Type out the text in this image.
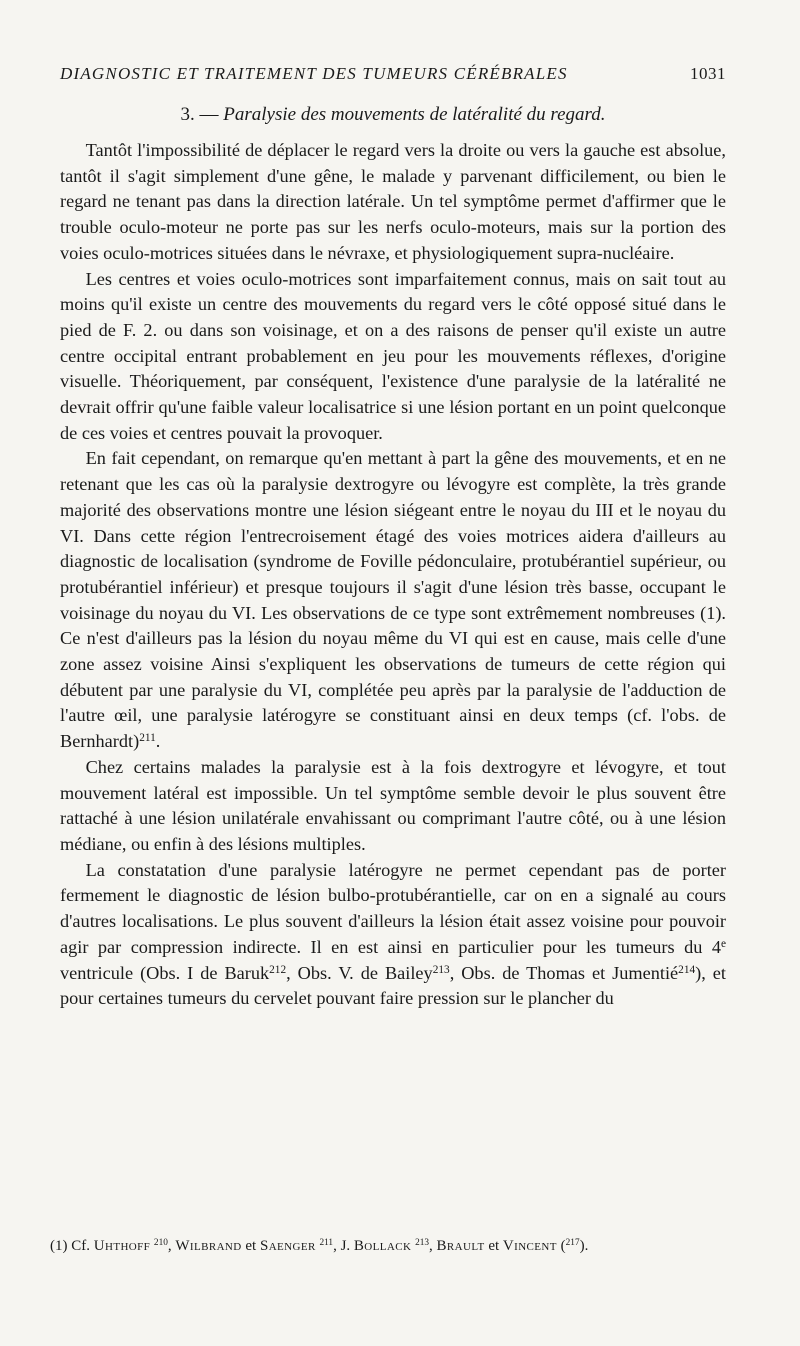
DIAGNOSTIC ET TRAITEMENT DES TUMEURS CÉRÉBRALES	1031
3. — Paralysie des mouvements de latéralité du regard.

Tantôt l'impossibilité de déplacer le regard vers la droite ou vers la gauche est absolue, tantôt il s'agit simplement d'une gêne, le malade y parvenant difficilement, ou bien le regard ne tenant pas dans la direction latérale. Un tel symptôme permet d'affirmer que le trouble oculo-moteur ne porte pas sur les nerfs oculo-moteurs, mais sur la portion des voies oculo-motrices situées dans le névraxe, et physiologiquement supra-nucléaire.

Les centres et voies oculo-motrices sont imparfaitement connus, mais on sait tout au moins qu'il existe un centre des mouvements du regard vers le côté opposé situé dans le pied de F. 2. ou dans son voisinage, et on a des raisons de penser qu'il existe un autre centre occipital entrant probablement en jeu pour les mouvements réflexes, d'origine visuelle. Théoriquement, par conséquent, l'existence d'une paralysie de la latéralité ne devrait offrir qu'une faible valeur localisatrice si une lésion portant en un point quelconque de ces voies et centres pouvait la provoquer.

En fait cependant, on remarque qu'en mettant à part la gêne des mouvements, et en ne retenant que les cas où la paralysie dextrogyre ou lévogyre est complète, la très grande majorité des observations montre une lésion siégeant entre le noyau du III et le noyau du VI. Dans cette région l'entrecroisement étagé des voies motrices aidera d'ailleurs au diagnostic de localisation (syndrome de Foville pédonculaire, protubérantiel supérieur, ou protubérantiel inférieur) et presque toujours il s'agit d'une lésion très basse, occupant le voisinage du noyau du VI. Les observations de ce type sont extrêmement nombreuses (1). Ce n'est d'ailleurs pas la lésion du noyau même du VI qui est en cause, mais celle d'une zone assez voisine Ainsi s'expliquent les observations de tumeurs de cette région qui débutent par une paralysie du VI, complétée peu après par la paralysie de l'adduction de l'autre œil, une paralysie latérogyre se constituant ainsi en deux temps (cf. l'obs. de Bernhardt)$^{211}$.

Chez certains malades la paralysie est à la fois dextrogyre et lévogyre, et tout mouvement latéral est impossible. Un tel symptôme semble devoir le plus souvent être rattaché à une lésion unilatérale envahissant ou comprimant l'autre côté, ou à une lésion médiane, ou enfin à des lésions multiples.

La constatation d'une paralysie latérogyre ne permet cependant pas de porter fermement le diagnostic de lésion bulbo-protubérantielle, car on en a signalé au cours d'autres localisations. Le plus souvent d'ailleurs la lésion était assez voisine pour pouvoir agir par compression indirecte. Il en est ainsi en particulier pour les tumeurs du 4e ventricule (Obs. I de Baruk$^{212}$, Obs. V. de Bailey$^{213}$, Obs. de Thomas et Jumentié$^{214}$), et pour certaines tumeurs du cervelet pouvant faire pression sur le plancher du

(1) Cf. Uhthoff $^{210}$, Wilbrand et Saenger $^{211}$, J. Bollack $^{213}$, Brault et Vincent ($^{217}$).
